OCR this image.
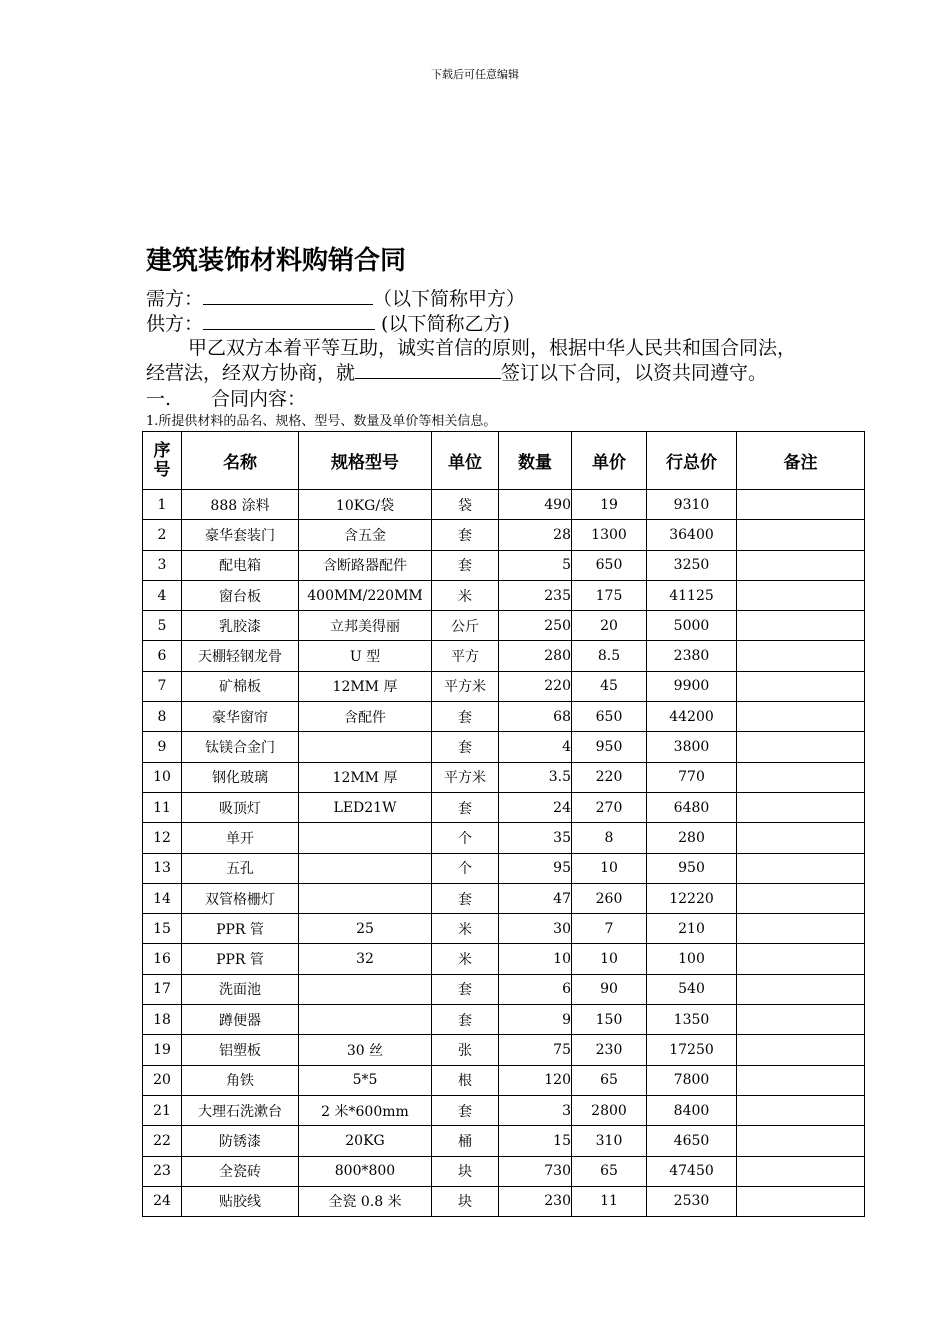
下载后可任意编辑
建筑装饰材料购销合同
需方：	（以下简称甲方）
供方：	(以下简称乙方)
甲乙双方本着平等互助，诚实首信的原则，根据中华人民共和国合同法，
经营法，经双方协商，就	签订以下合同，以资共同遵守。
一. 合同内容：
1.所提供材料的品名、规格、型号、数量及单价等相关信息。
序
号	名称	规格型号	单位	数量	单价	行总价	备注
1	888 涂料	10KG/袋	袋	490	19	9310	
2	豪华套装门	含五金	套	28	1300	36400	
3	配电箱	含断路器配件	套	5	650	3250	
4	窗台板	400MM/220MM	米	235	175	41125	
5	乳胶漆	立邦美得丽	公斤	250	20	5000	
6	天棚轻钢龙骨	U 型	平方	280	8.5	2380	
7	矿棉板	12MM 厚	平方米	220	45	9900	
8	豪华窗帘	含配件	套	68	650	44200	
9	钛镁合金门		套	4	950	3800	
10	钢化玻璃	12MM 厚	平方米	3.5	220	770	
11	吸顶灯	LED21W	套	24	270	6480	
12	单开		个	35	8	280	
13	五孔		个	95	10	950	
14	双管格栅灯		套	47	260	12220	
15	PPR 管	25	米	30	7	210	
16	PPR 管	32	米	10	10	100	
17	洗面池		套	6	90	540	
18	蹲便器		套	9	150	1350	
19	铝塑板	30 丝	张	75	230	17250	
20	角铁	5*5	根	120	65	7800	
21	大理石洗漱台	2 米*600mm	套	3	2800	8400	
22	防锈漆	20KG	桶	15	310	4650	
23	全瓷砖	800*800	块	730	65	47450	
24	贴胶线	全瓷 0.8 米	块	230	11	2530	
